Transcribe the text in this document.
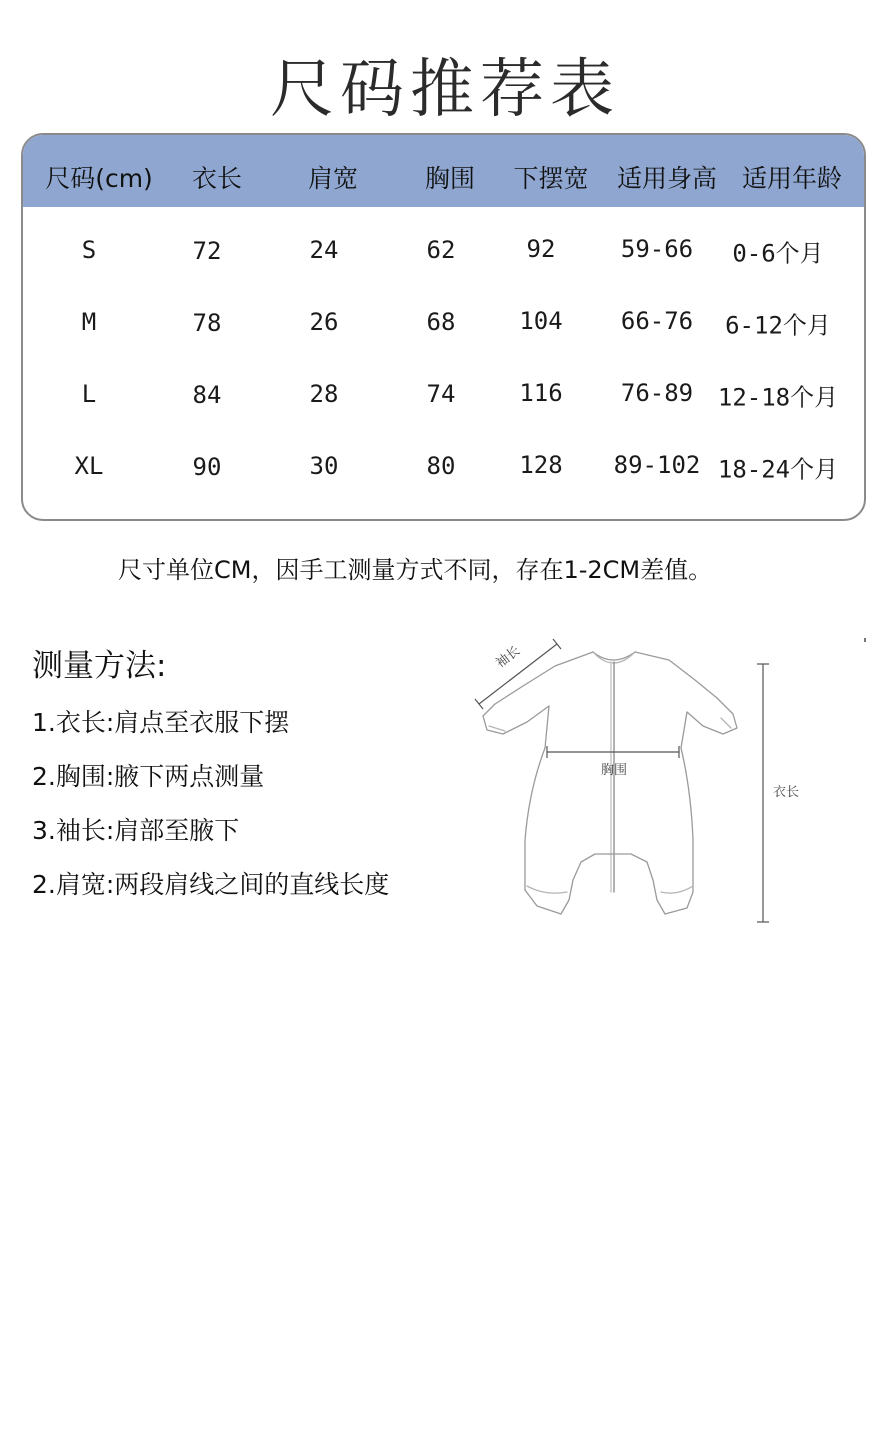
尺码推荐表
尺码(cm) 衣长	肩宽	胸围 下摆宽 适用身高 适用年龄
S	72	24	62	92	59-66 0-6个月
M	78	26	68	104 66-76 6-12个月
L	84	28	74	116 76-89 12-18个月
XL	90	30	80	128 89-102 18-24个月
尺寸单位CM，因手工测量方式不同，存在1-2CM差值。
测量方法:
1.衣长:肩点至衣服下摆
2.胸围:腋下两点测量
3.袖长:肩部至腋下
2.肩宽:两段肩线之间的直线长度
袖长
胸围
衣长
